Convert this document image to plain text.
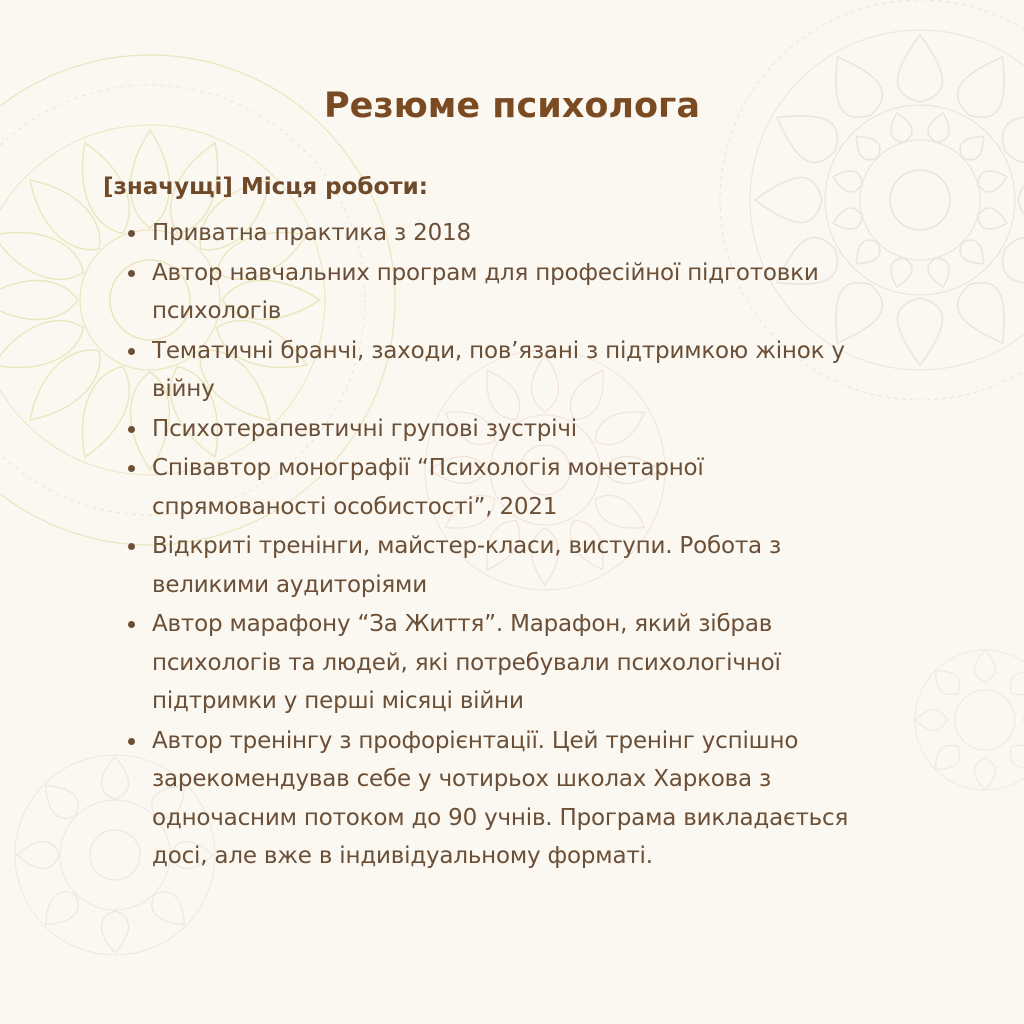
Резюме психолога
[значущі] Місця роботи:
Приватна практика з 2018
Автор навчальних програм для професійної підготовки психологів
Тематичні бранчі, заходи, пов’язані з підтримкою жінок у війну
Психотерапевтичні групові зустрічі
Співавтор монографії “Психологія монетарної спрямованості особистості”, 2021
Відкриті тренінги, майстер-класи, виступи. Робота з великими аудиторіями
Автор марафону “За Життя”. Марафон, який зібрав психологів та людей, які потребували психологічної підтримки у перші місяці війни
Автор тренінгу з профорієнтації. Цей тренінг успішно зарекомендував себе у чотирьох школах Харкова з одночасним потоком до 90 учнів. Програма викладається досі, але вже в індивідуальному форматі.
